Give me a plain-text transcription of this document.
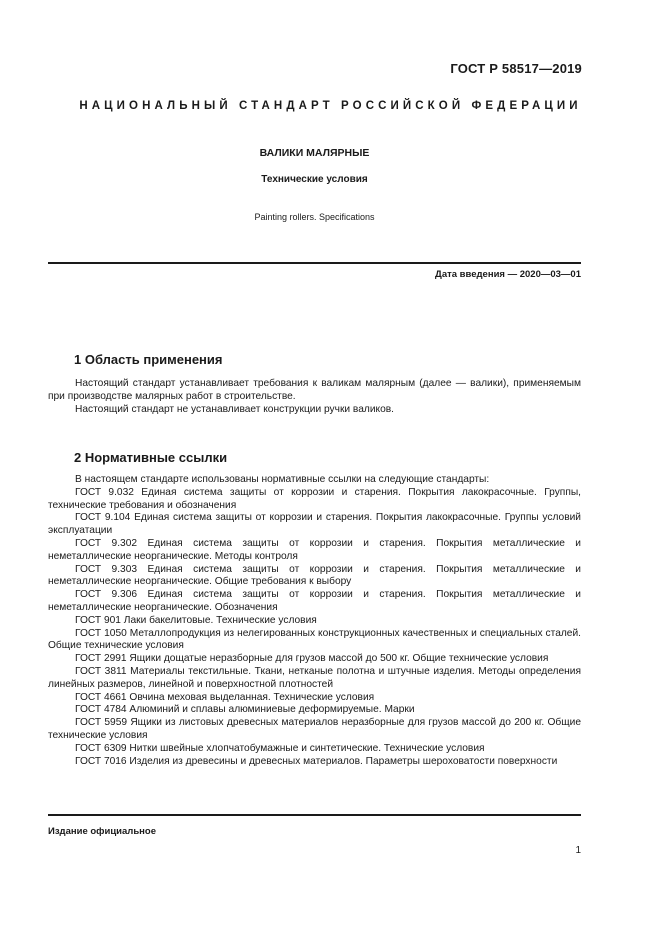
ГОСТ Р 58517—2019

НАЦИОНАЛЬНЫЙ СТАНДАРТ РОССИЙСКОЙ ФЕДЕРАЦИИ

ВАЛИКИ МАЛЯРНЫЕ

Технические условия

Painting rollers. Specifications

Дата введения — 2020—03—01

1 Область применения

Настоящий стандарт устанавливает требования к валикам малярным (далее — валики), применяемым при производстве малярных работ в строительстве.

Настоящий стандарт не устанавливает конструкции ручки валиков.

2 Нормативные ссылки

В настоящем стандарте использованы нормативные ссылки на следующие стандарты:

ГОСТ 9.032 Единая система защиты от коррозии и старения. Покрытия лакокрасочные. Группы, технические требования и обозначения

ГОСТ 9.104 Единая система защиты от коррозии и старения. Покрытия лакокрасочные. Группы условий эксплуатации

ГОСТ 9.302 Единая система защиты от коррозии и старения. Покрытия металлические и неметаллические неорганические. Методы контроля

ГОСТ 9.303 Единая система защиты от коррозии и старения. Покрытия металлические и неметаллические неорганические. Общие требования к выбору

ГОСТ 9.306 Единая система защиты от коррозии и старения. Покрытия металлические и неметаллические неорганические. Обозначения

ГОСТ 901 Лаки бакелитовые. Технические условия

ГОСТ 1050 Металлопродукция из нелегированных конструкционных качественных и специальных сталей. Общие технические условия

ГОСТ 2991 Ящики дощатые неразборные для грузов массой до 500 кг. Общие технические условия

ГОСТ 3811 Материалы текстильные. Ткани, нетканые полотна и штучные изделия. Методы определения линейных размеров, линейной и поверхностной плотностей

ГОСТ 4661 Овчина меховая выделанная. Технические условия

ГОСТ 4784 Алюминий и сплавы алюминиевые деформируемые. Марки

ГОСТ 5959 Ящики из листовых древесных материалов неразборные для грузов массой до 200 кг. Общие технические условия

ГОСТ 6309 Нитки швейные хлопчатобумажные и синтетические. Технические условия

ГОСТ 7016 Изделия из древесины и древесных материалов. Параметры шероховатости поверхности

Издание официальное

1
